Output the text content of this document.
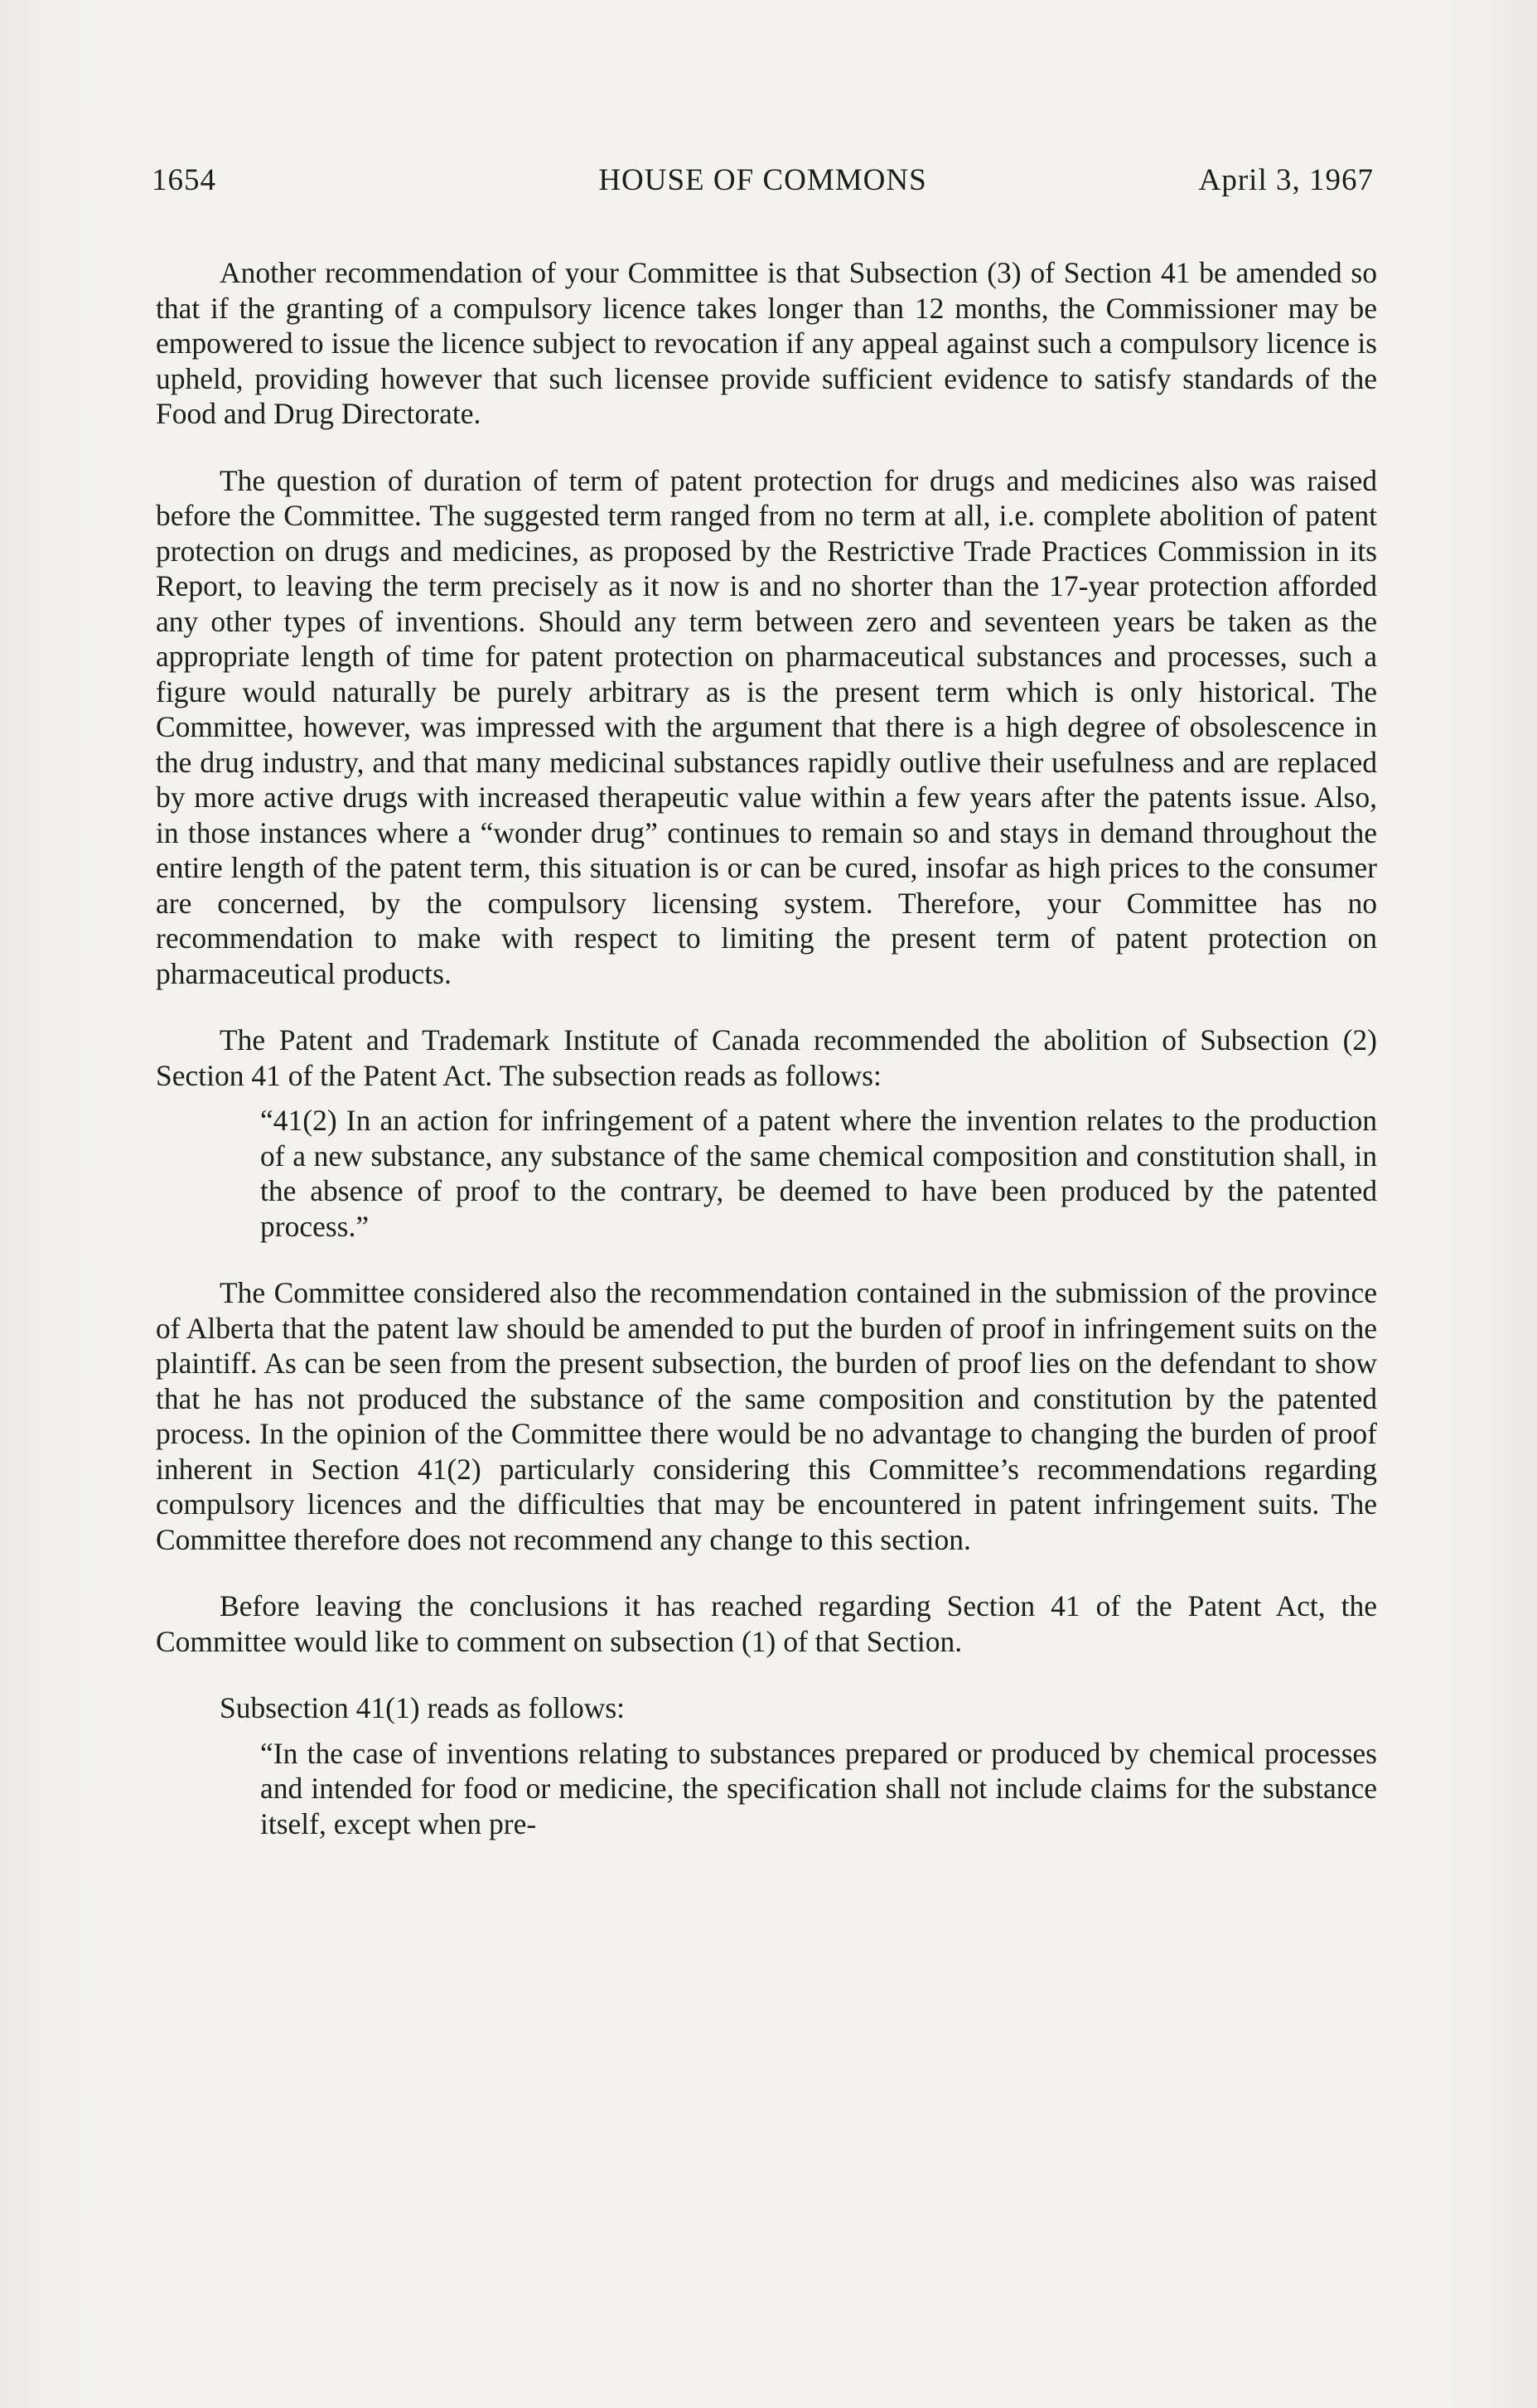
1654	HOUSE OF COMMONS	April 3, 1967

Another recommendation of your Committee is that Subsection (3) of Section 41 be amended so that if the granting of a compulsory licence takes longer than 12 months, the Commissioner may be empowered to issue the licence subject to revocation if any appeal against such a compulsory licence is upheld, providing however that such licensee provide sufficient evidence to satisfy standards of the Food and Drug Directorate.

The question of duration of term of patent protection for drugs and medicines also was raised before the Committee. The suggested term ranged from no term at all, i.e. complete abolition of patent protection on drugs and medicines, as proposed by the Restrictive Trade Practices Commission in its Report, to leaving the term precisely as it now is and no shorter than the 17-year protection afforded any other types of inventions. Should any term between zero and seventeen years be taken as the appropriate length of time for patent protection on pharmaceutical substances and processes, such a figure would naturally be purely arbitrary as is the present term which is only historical. The Committee, however, was impressed with the argument that there is a high degree of obsolescence in the drug industry, and that many medicinal substances rapidly outlive their usefulness and are replaced by more active drugs with increased therapeutic value within a few years after the patents issue. Also, in those instances where a “wonder drug” continues to remain so and stays in demand throughout the entire length of the patent term, this situation is or can be cured, insofar as high prices to the consumer are concerned, by the compulsory licensing system. Therefore, your Committee has no recommendation to make with respect to limiting the present term of patent protection on pharmaceutical products.

The Patent and Trademark Institute of Canada recommended the abolition of Subsection (2) Section 41 of the Patent Act. The subsection reads as follows:

“41(2) In an action for infringement of a patent where the invention relates to the production of a new substance, any substance of the same chemical composition and constitution shall, in the absence of proof to the contrary, be deemed to have been produced by the patented process.”

The Committee considered also the recommendation contained in the submission of the province of Alberta that the patent law should be amended to put the burden of proof in infringement suits on the plaintiff. As can be seen from the present subsection, the burden of proof lies on the defendant to show that he has not produced the substance of the same composition and constitution by the patented process. In the opinion of the Committee there would be no advantage to changing the burden of proof inherent in Section 41(2) particularly considering this Committee’s recommendations regarding compulsory licences and the difficulties that may be encountered in patent infringement suits. The Committee therefore does not recommend any change to this section.

Before leaving the conclusions it has reached regarding Section 41 of the Patent Act, the Committee would like to comment on subsection (1) of that Section.

Subsection 41(1) reads as follows:

“In the case of inventions relating to substances prepared or produced by chemical processes and intended for food or medicine, the specification shall not include claims for the substance itself, except when pre-
